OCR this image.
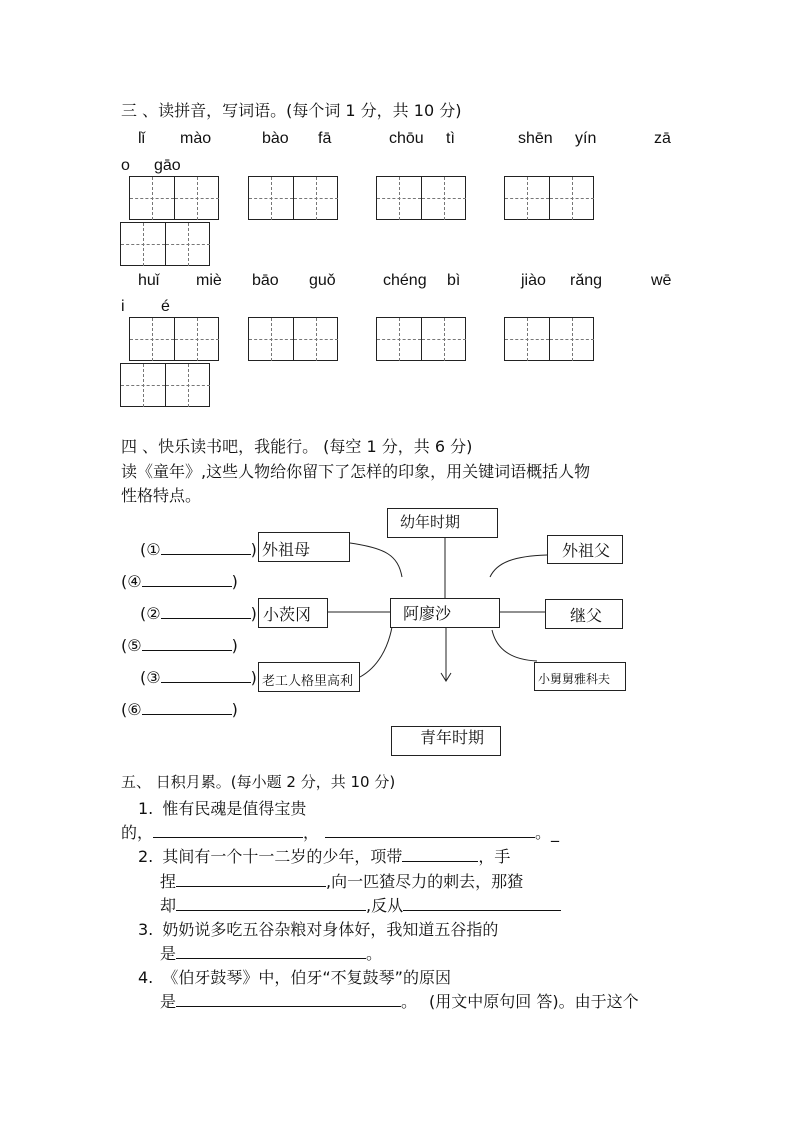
三 、读拼音，写词语。(每个词 1 分，共 10 分)
lǐ mào	bào fā	chōu tì	shēn yín	zā
o gāo
huǐ miè bāo guǒ	chéng bì	jiào rǎng	wē
i é
四 、快乐读书吧，我能行。 (每空 1 分，共 6 分)
读《童年》,这些人物给你留下了怎样的印象，用关键词语概括人物
性格特点。
幼年时期
外祖母	外祖父
阿廖沙
小茨冈	继父
老工人格里高利	小舅舅雅科夫
青年时期
(①	)
(④	)
(②	)
(⑤	)
(③	)
(⑥	)
五、 日积月累。(每小题 2 分，共 10 分)
1. 惟有民魂是值得宝贵
的，	，	。_
2. 其间有一个十一二岁的少年，项带	，手
捏	,向一匹猹尽力的刺去，那猹
却	,反从
3. 奶奶说多吃五谷杂粮对身体好，我知道五谷指的
是	。
4. 《伯牙鼓琴》中，伯牙“不复鼓琴”的原因
是	。 (用文中原句回 答)。由于这个
